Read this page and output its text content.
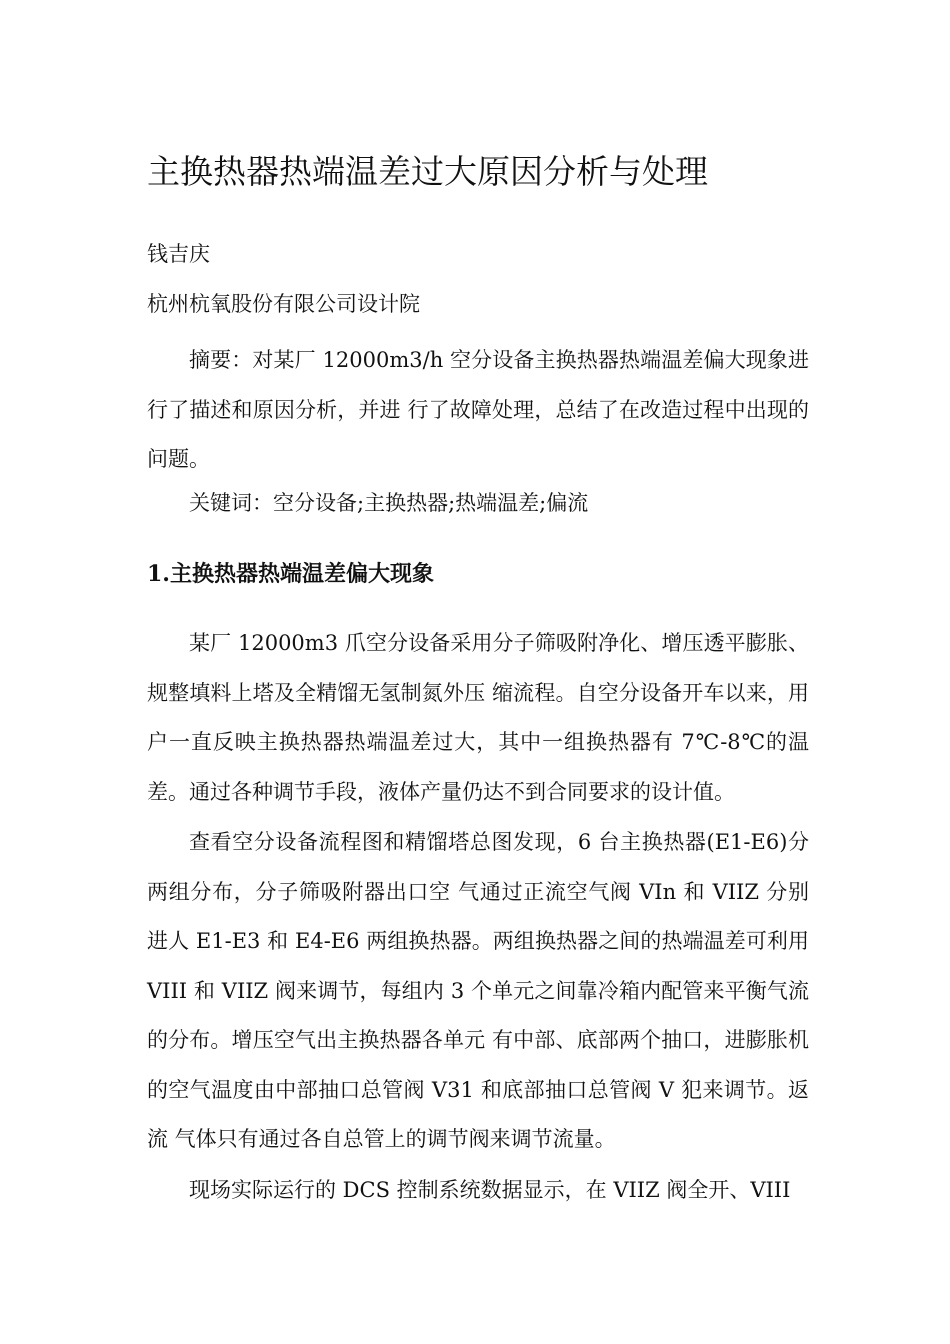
主换热器热端温差过大原因分析与处理

钱吉庆

杭州杭氧股份有限公司设计院

摘要：对某厂 12000m3/h 空分设备主换热器热端温差偏大现象进行了描述和原因分析，并进 行了故障处理，总结了在改造过程中出现的问题。

关键词：空分设备;主换热器;热端温差;偏流

1.主换热器热端温差偏大现象

某厂 12000m3 爪空分设备采用分子筛吸附净化、增压透平膨胀、规整填料上塔及全精馏无氢制氮外压 缩流程。自空分设备开车以来，用户一直反映主换热器热端温差过大，其中一组换热器有 7℃-8℃的温 差。通过各种调节手段，液体产量仍达不到合同要求的设计值。

查看空分设备流程图和精馏塔总图发现，6 台主换热器(E1-E6)分两组分布，分子筛吸附器出口空 气通过正流空气阀 VIn 和 VIIZ 分别进人 E1-E3 和 E4-E6 两组换热器。两组换热器之间的热端温差可利用 VIII 和 VIIZ 阀来调节，每组内 3 个单元之间靠冷箱内配管来平衡气流的分布。增压空气出主换热器各单元 有中部、底部两个抽口，进膨胀机的空气温度由中部抽口总管阀 V31 和底部抽口总管阀 V 犯来调节。返流 气体只有通过各自总管上的调节阀来调节流量。

现场实际运行的 DCS 控制系统数据显示，在 VIIZ 阀全开、VIII
